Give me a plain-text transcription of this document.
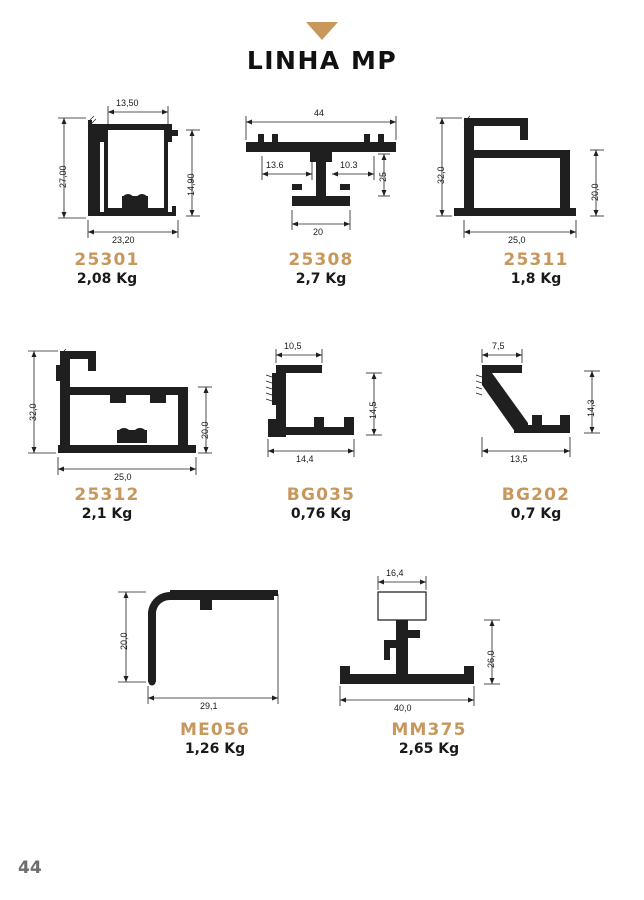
LINHA MP
13,50
23,20
27,00	14,90
25301
2,08 Kg
44
20
13.6	10.3
25
25308
2,7 Kg
32,0
20,0
25,0
25311
1,8 Kg
32,0
20,0
25,0
25312
2,1 Kg
10,5
14,5
14,4
BG035
0,76 Kg
7,5
14,3
13,5
BG202
0,7 Kg
20,0
29,1
ME056
1,26 Kg
16,4
26,0
40,0
MM375
2,65 Kg
44
